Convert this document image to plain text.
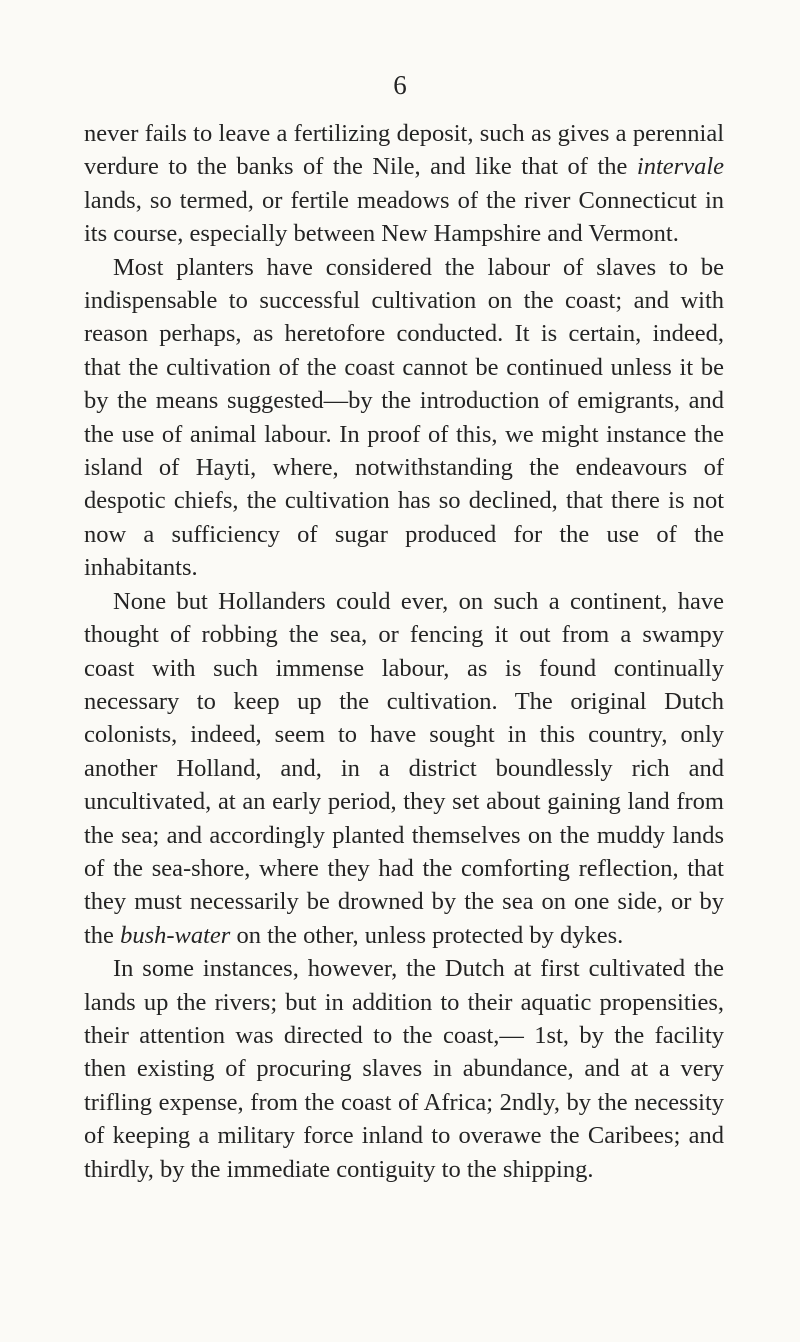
6

never fails to leave a fertilizing deposit, such as gives a perennial verdure to the banks of the Nile, and like that of the intervale lands, so termed, or fertile meadows of the river Connecticut in its course, especially between New Hampshire and Vermont.

Most planters have considered the labour of slaves to be indispensable to successful cultivation on the coast; and with reason perhaps, as heretofore conducted. It is certain, indeed, that the cultivation of the coast cannot be continued unless it be by the means suggested—by the introduction of emigrants, and the use of animal labour. In proof of this, we might instance the island of Hayti, where, notwithstanding the endeavours of despotic chiefs, the cultivation has so declined, that there is not now a sufficiency of sugar produced for the use of the inhabitants.

None but Hollanders could ever, on such a continent, have thought of robbing the sea, or fencing it out from a swampy coast with such immense labour, as is found continually necessary to keep up the cultivation. The original Dutch colonists, indeed, seem to have sought in this country, only another Holland, and, in a district boundlessly rich and uncultivated, at an early period, they set about gaining land from the sea; and accordingly planted themselves on the muddy lands of the sea-shore, where they had the comforting reflection, that they must necessarily be drowned by the sea on one side, or by the bush-water on the other, unless protected by dykes.

In some instances, however, the Dutch at first cultivated the lands up the rivers; but in addition to their aquatic propensities, their attention was directed to the coast,— 1st, by the facility then existing of procuring slaves in abundance, and at a very trifling expense, from the coast of Africa; 2ndly, by the necessity of keeping a military force inland to overawe the Caribees; and thirdly, by the immediate contiguity to the shipping.
